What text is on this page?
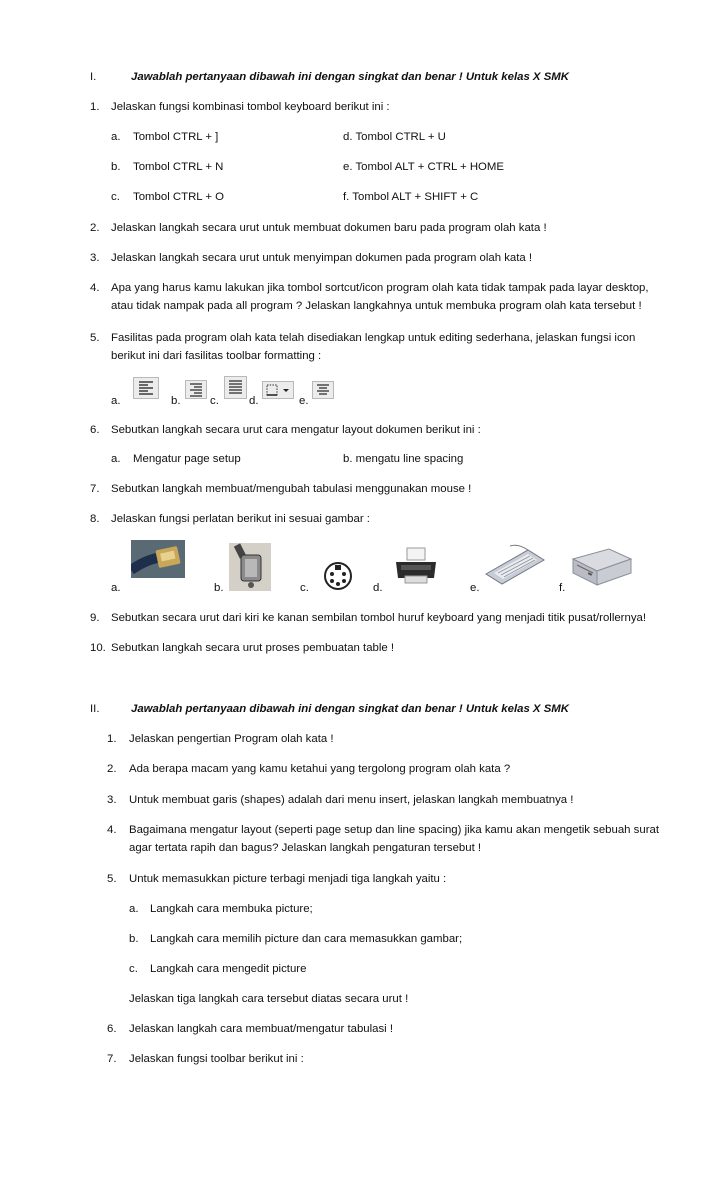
I.	Jawablah pertanyaan dibawah ini dengan singkat dan benar ! Untuk kelas X SMK
1. Jelaskan fungsi kombinasi tombol keyboard berikut ini :
a. Tombol CTRL + ]	d. Tombol CTRL + U
b. Tombol CTRL + N	e. Tombol ALT + CTRL + HOME
c. Tombol CTRL + O	f. Tombol ALT + SHIFT + C
2. Jelaskan langkah secara urut untuk membuat dokumen baru pada program olah kata !
3. Jelaskan langkah secara urut untuk menyimpan dokumen pada program olah kata !
4. Apa yang harus kamu lakukan jika tombol sortcut/icon program olah kata tidak tampak pada layar desktop,
atau tidak nampak pada all program ? Jelaskan langkahnya untuk membuka program olah kata tersebut !
5. Fasilitas pada program olah kata telah disediakan lengkap untuk editing sederhana, jelaskan fungsi icon
berikut ini dari fasilitas toolbar formatting :
a.	b.	c.	d.	e.
6. Sebutkan langkah secara urut cara mengatur layout dokumen berikut ini :
a. Mengatur page setup	b. mengatu line spacing
7. Sebutkan langkah membuat/mengubah tabulasi menggunakan mouse !
8. Jelaskan fungsi perlatan berikut ini sesuai gambar :
a.	b.	c.	d.	e.	f.
9. Sebutkan secara urut dari kiri ke kanan sembilan tombol huruf keyboard yang menjadi titik pusat/rollernya!
10. Sebutkan langkah secara urut proses pembuatan table !
II.	Jawablah pertanyaan dibawah ini dengan singkat dan benar ! Untuk kelas X SMK
1. Jelaskan pengertian Program olah kata !
2. Ada berapa macam yang kamu ketahui yang tergolong program olah kata ?
3. Untuk membuat garis (shapes) adalah dari menu insert, jelaskan langkah membuatnya !
4. Bagaimana mengatur layout (seperti page setup dan line spacing) jika kamu akan mengetik sebuah surat
agar tertata rapih dan bagus? Jelaskan langkah pengaturan tersebut !
5. Untuk memasukkan picture terbagi menjadi tiga langkah yaitu :
a. Langkah cara membuka picture;
b. Langkah cara memilih picture dan cara memasukkan gambar;
c. Langkah cara mengedit picture
Jelaskan tiga langkah cara tersebut diatas secara urut !
6. Jelaskan langkah cara membuat/mengatur tabulasi !
7. Jelaskan fungsi toolbar berikut ini :
